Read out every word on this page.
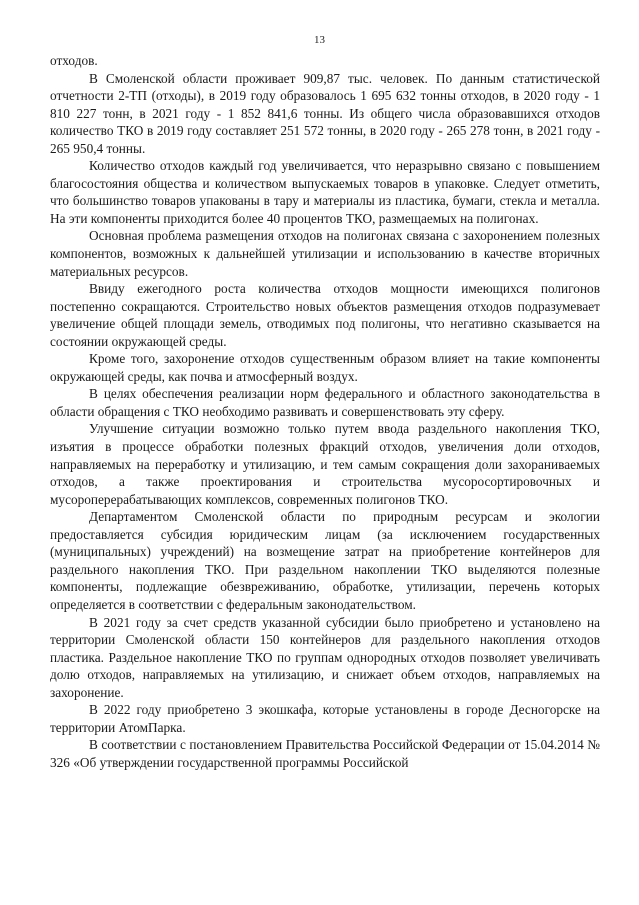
13

отходов.

В Смоленской области проживает 909,87 тыс. человек. По данным статистической отчетности 2-ТП (отходы), в 2019 году образовалось 1 695 632 тонны отходов, в 2020 году - 1 810 227 тонн, в 2021 году - 1 852 841,6 тонны. Из общего числа образовавшихся отходов количество ТКО в 2019 году составляет 251 572 тонны, в 2020 году - 265 278 тонн, в 2021 году - 265 950,4 тонны.

Количество отходов каждый год увеличивается, что неразрывно связано с повышением благосостояния общества и количеством выпускаемых товаров в упаковке. Следует отметить, что большинство товаров упакованы в тару и материалы из пластика, бумаги, стекла и металла. На эти компоненты приходится более 40 процентов ТКО, размещаемых на полигонах.

Основная проблема размещения отходов на полигонах связана с захоронением полезных компонентов, возможных к дальнейшей утилизации и использованию в качестве вторичных материальных ресурсов.

Ввиду ежегодного роста количества отходов мощности имеющихся полигонов постепенно сокращаются. Строительство новых объектов размещения отходов подразумевает увеличение общей площади земель, отводимых под полигоны, что негативно сказывается на состоянии окружающей среды.

Кроме того, захоронение отходов существенным образом влияет на такие компоненты окружающей среды, как почва и атмосферный воздух.

В целях обеспечения реализации норм федерального и областного законодательства в области обращения с ТКО необходимо развивать и совершенствовать эту сферу.

Улучшение ситуации возможно только путем ввода раздельного накопления ТКО, изъятия в процессе обработки полезных фракций отходов, увеличения доли отходов, направляемых на переработку и утилизацию, и тем самым сокращения доли захораниваемых отходов, а также проектирования и строительства мусоросортировочных и мусороперерабатывающих комплексов, современных полигонов ТКО.

Департаментом Смоленской области по природным ресурсам и экологии предоставляется субсидия юридическим лицам (за исключением государственных (муниципальных) учреждений) на возмещение затрат на приобретение контейнеров для раздельного накопления ТКО. При раздельном накоплении ТКО выделяются полезные компоненты, подлежащие обезвреживанию, обработке, утилизации, перечень которых определяется в соответствии с федеральным законодательством.

В 2021 году за счет средств указанной субсидии было приобретено и установлено на территории Смоленской области 150 контейнеров для раздельного накопления отходов пластика. Раздельное накопление ТКО по группам однородных отходов позволяет увеличивать долю отходов, направляемых на утилизацию, и снижает объем отходов, направляемых на захоронение.

В 2022 году приобретено 3 экошкафа, которые установлены в городе Десногорске на территории АтомПарка.

В соответствии с постановлением Правительства Российской Федерации от 15.04.2014 № 326 «Об утверждении государственной программы Российской
